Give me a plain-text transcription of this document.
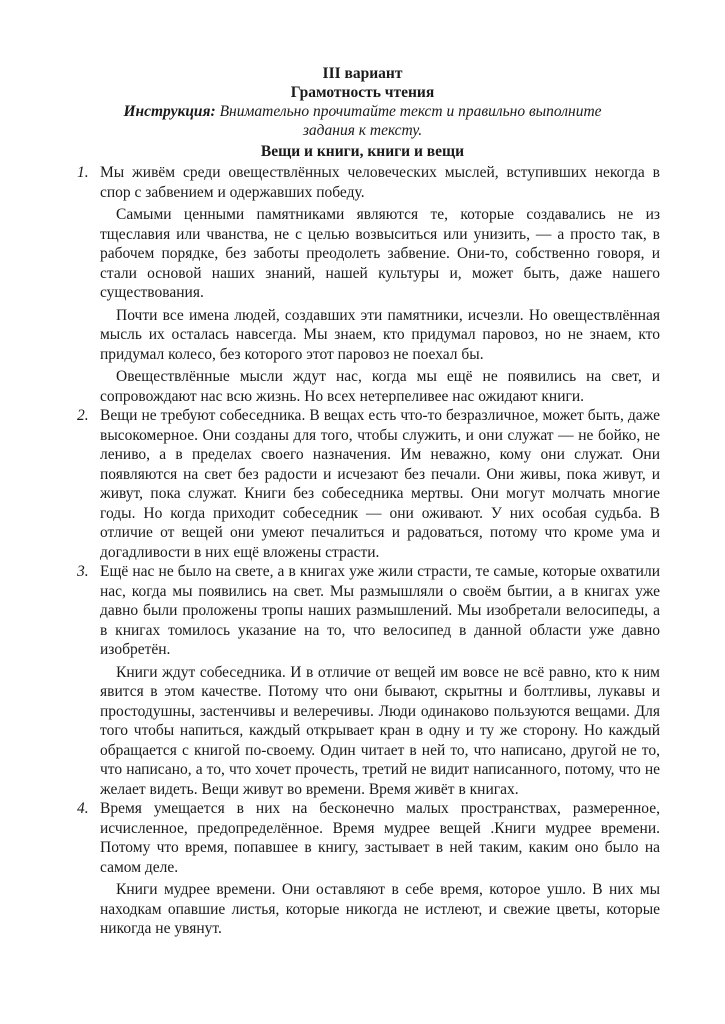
III вариант
Грамотность чтения
Инструкция: Внимательно прочитайте текст и правильно выполните
задания к тексту.
Вещи и книги, книги и вещи
1. Мы живём среди овеществлённых человеческих мыслей, вступивших некогда в спор с забвением и одержавших победу.
Самыми ценными памятниками являются те, которые создавались не из тщеславия или чванства, не с целью возвыситься или унизить, — а просто так, в рабочем порядке, без заботы преодолеть забвение. Они-то, собственно говоря, и стали основой наших знаний, нашей культуры и, может быть, даже нашего существования.
Почти все имена людей, создавших эти памятники, исчезли. Но овеществлённая мысль их осталась навсегда. Мы знаем, кто придумал паровоз, но не знаем, кто придумал колесо, без которого этот паровоз не поехал бы.
Овеществлённые мысли ждут нас, когда мы ещё не появились на свет, и сопровождают нас всю жизнь. Но всех нетерпеливее нас ожидают книги.
2. Вещи не требуют собеседника. В вещах есть что-то безразличное, может быть, даже высокомерное. Они созданы для того, чтобы служить, и они служат — не бойко, не лениво, а в пределах своего назначения. Им неважно, кому они служат. Они появляются на свет без радости и исчезают без печали. Они живы, пока живут, и живут, пока служат. Книги без собеседника мертвы. Они могут молчать многие годы. Но когда приходит собеседник — они оживают. У них особая судьба. В отличие от вещей они умеют печалиться и радоваться, потому что кроме ума и догадливости в них ещё вложены страсти.
3. Ещё нас не было на свете, а в книгах уже жили страсти, те самые, которые охватили нас, когда мы появились на свет. Мы размышляли о своём бытии, а в книгах уже давно были проложены тропы наших размышлений. Мы изобретали велосипеды, а в книгах томилось указание на то, что велосипед в данной области уже давно изобретён.
Книги ждут собеседника. И в отличие от вещей им вовсе не всё равно, кто к ним явится в этом качестве. Потому что они бывают, скрытны и болтливы, лукавы и простодушны, застенчивы и велеречивы. Люди одинаково пользуются вещами. Для того чтобы напиться, каждый открывает кран в одну и ту же сторону. Но каждый обращается с книгой по-своему. Один читает в ней то, что написано, другой не то, что написано, а то, что хочет прочесть, третий не видит написанного, потому, что не желает видеть. Вещи живут во времени. Время живёт в книгах.
4. Время умещается в них на бесконечно малых пространствах, размеренное, исчисленное, предопределённое. Время мудрее вещей .Книги мудрее времени. Потому что время, попавшее в книгу, застывает в ней таким, каким оно было на самом деле.
Книги мудрее времени. Они оставляют в себе время, которое ушло. В них мы находкам опавшие листья, которые никогда не истлеют, и свежие цветы, которые никогда не увянут.
